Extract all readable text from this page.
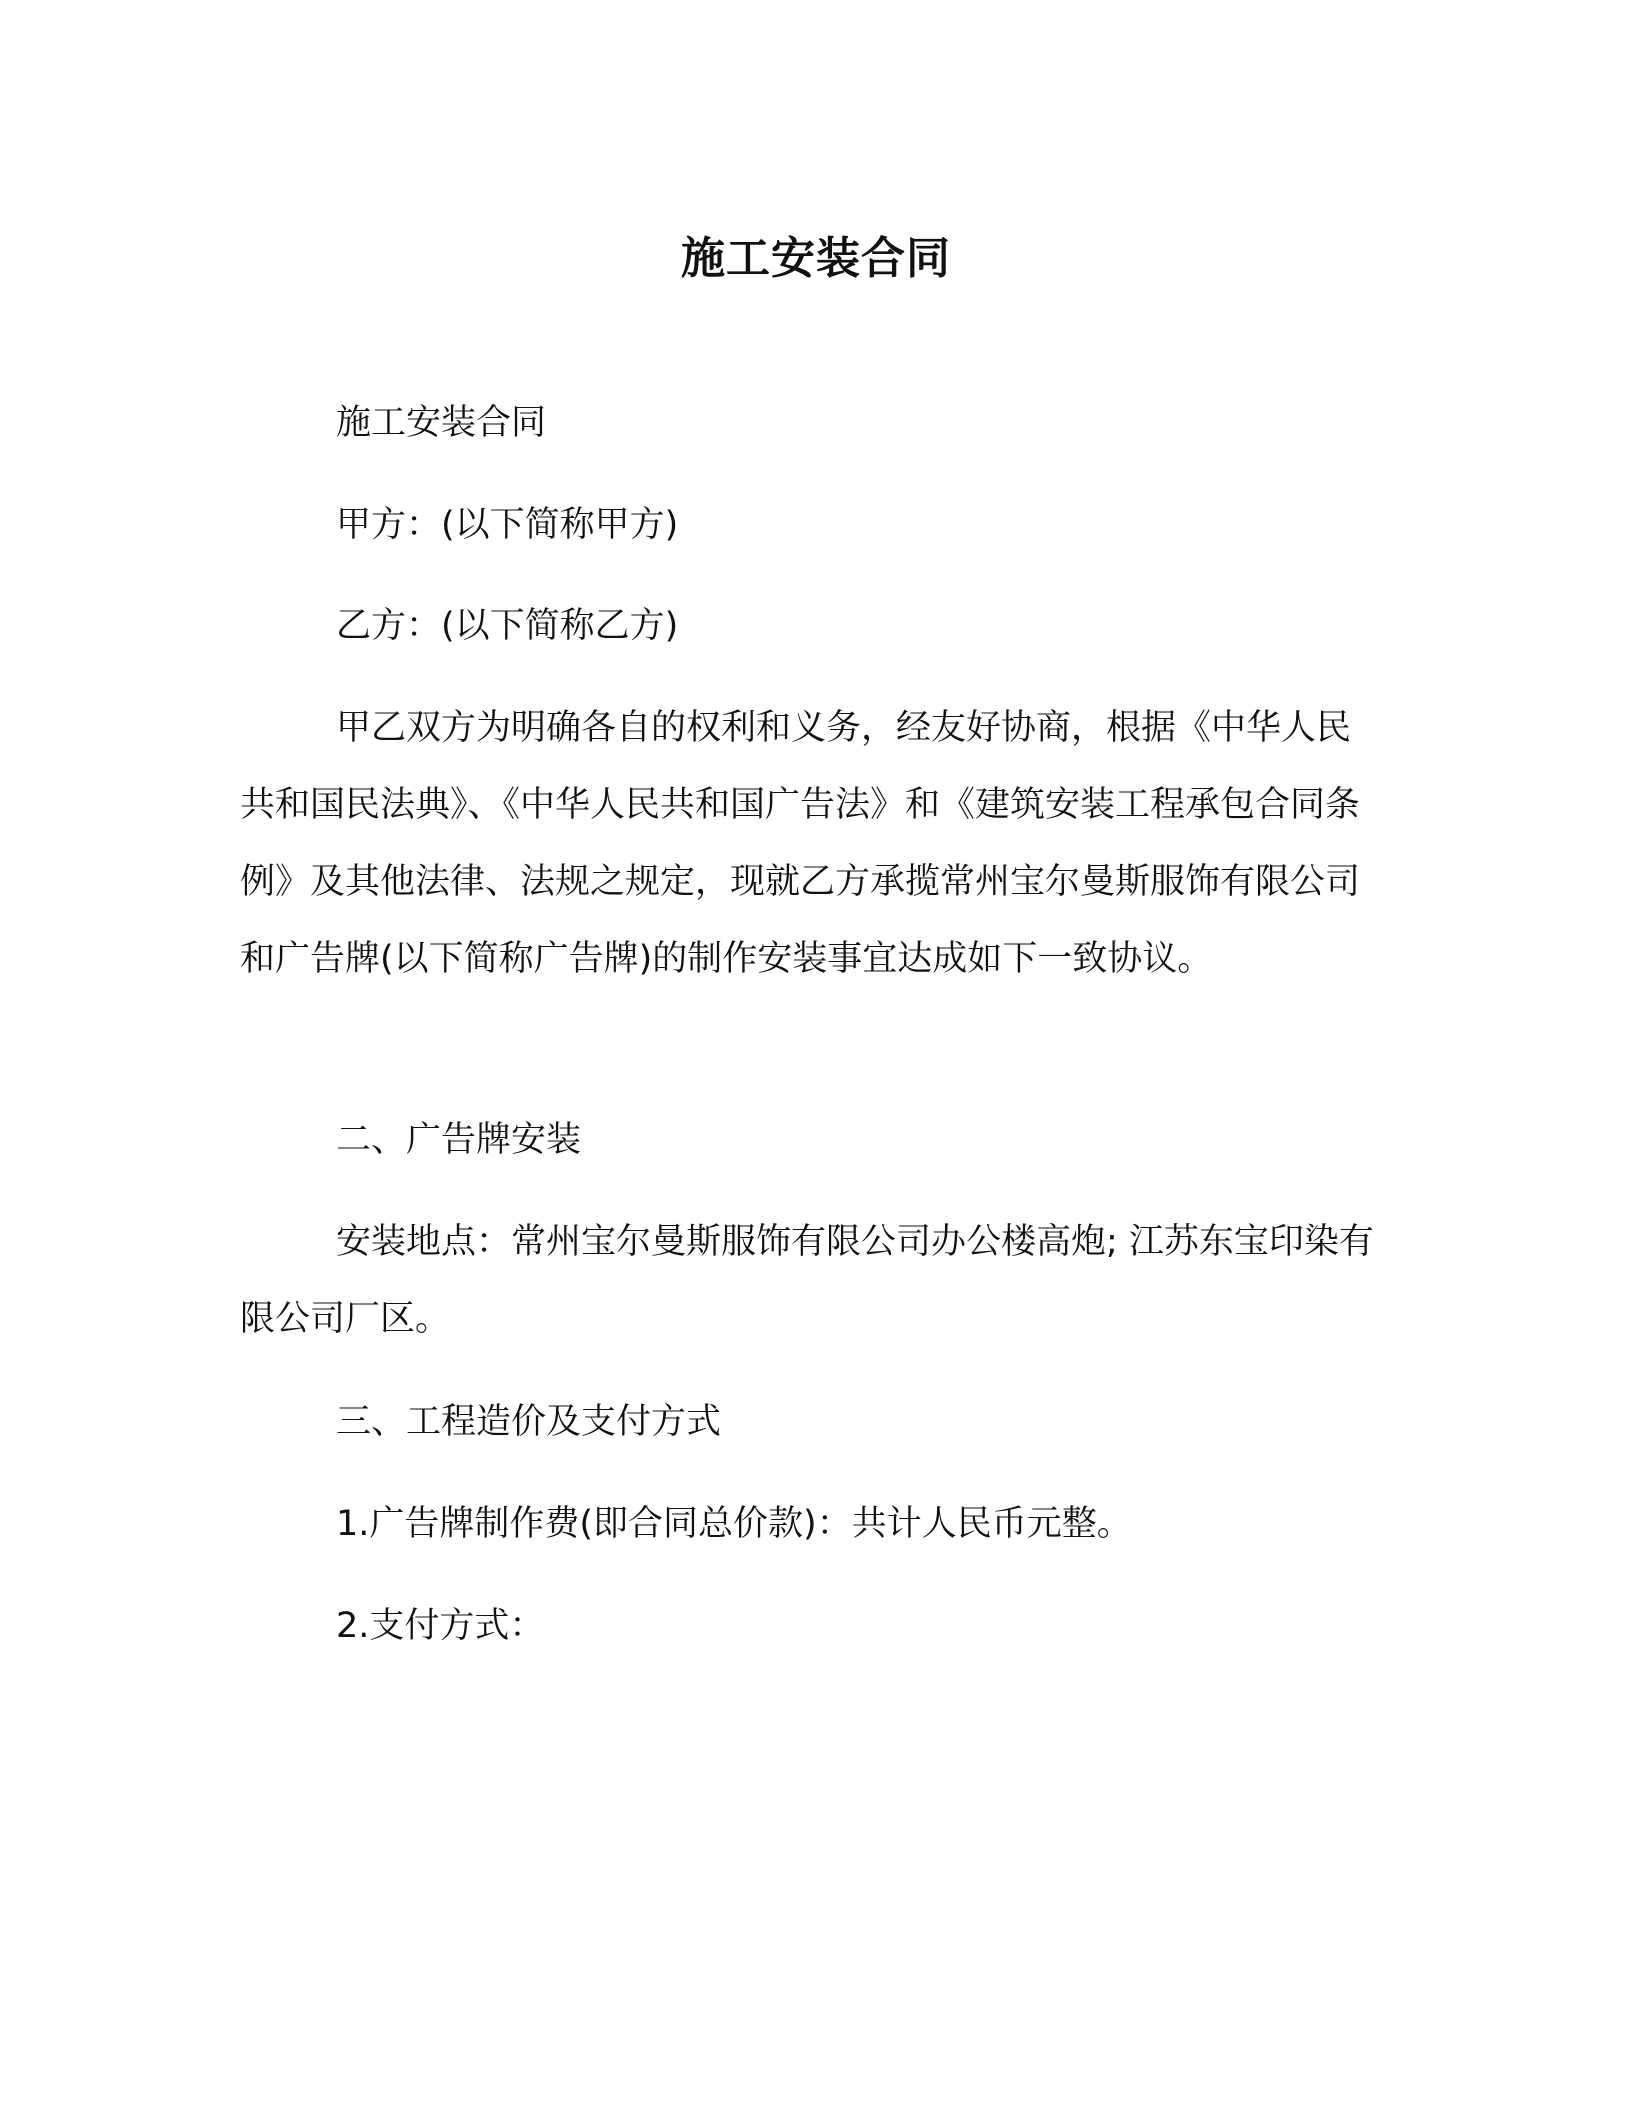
施工安装合同

施工安装合同

甲方：(以下简称甲方)

乙方：(以下简称乙方)

甲乙双方为明确各自的权利和义务，经友好协商，根据《中华人民共和国民法典》、《中华人民共和国广告法》和《建筑安装工程承包合同条例》及其他法律、法规之规定，现就乙方承揽常州宝尔曼斯服饰有限公司和广告牌(以下简称广告牌)的制作安装事宜达成如下一致协议。

二、广告牌安装

安装地点：常州宝尔曼斯服饰有限公司办公楼高炮; 江苏东宝印染有限公司厂区。

三、工程造价及支付方式

1.广告牌制作费(即合同总价款)：共计人民币元整。

2.支付方式：
